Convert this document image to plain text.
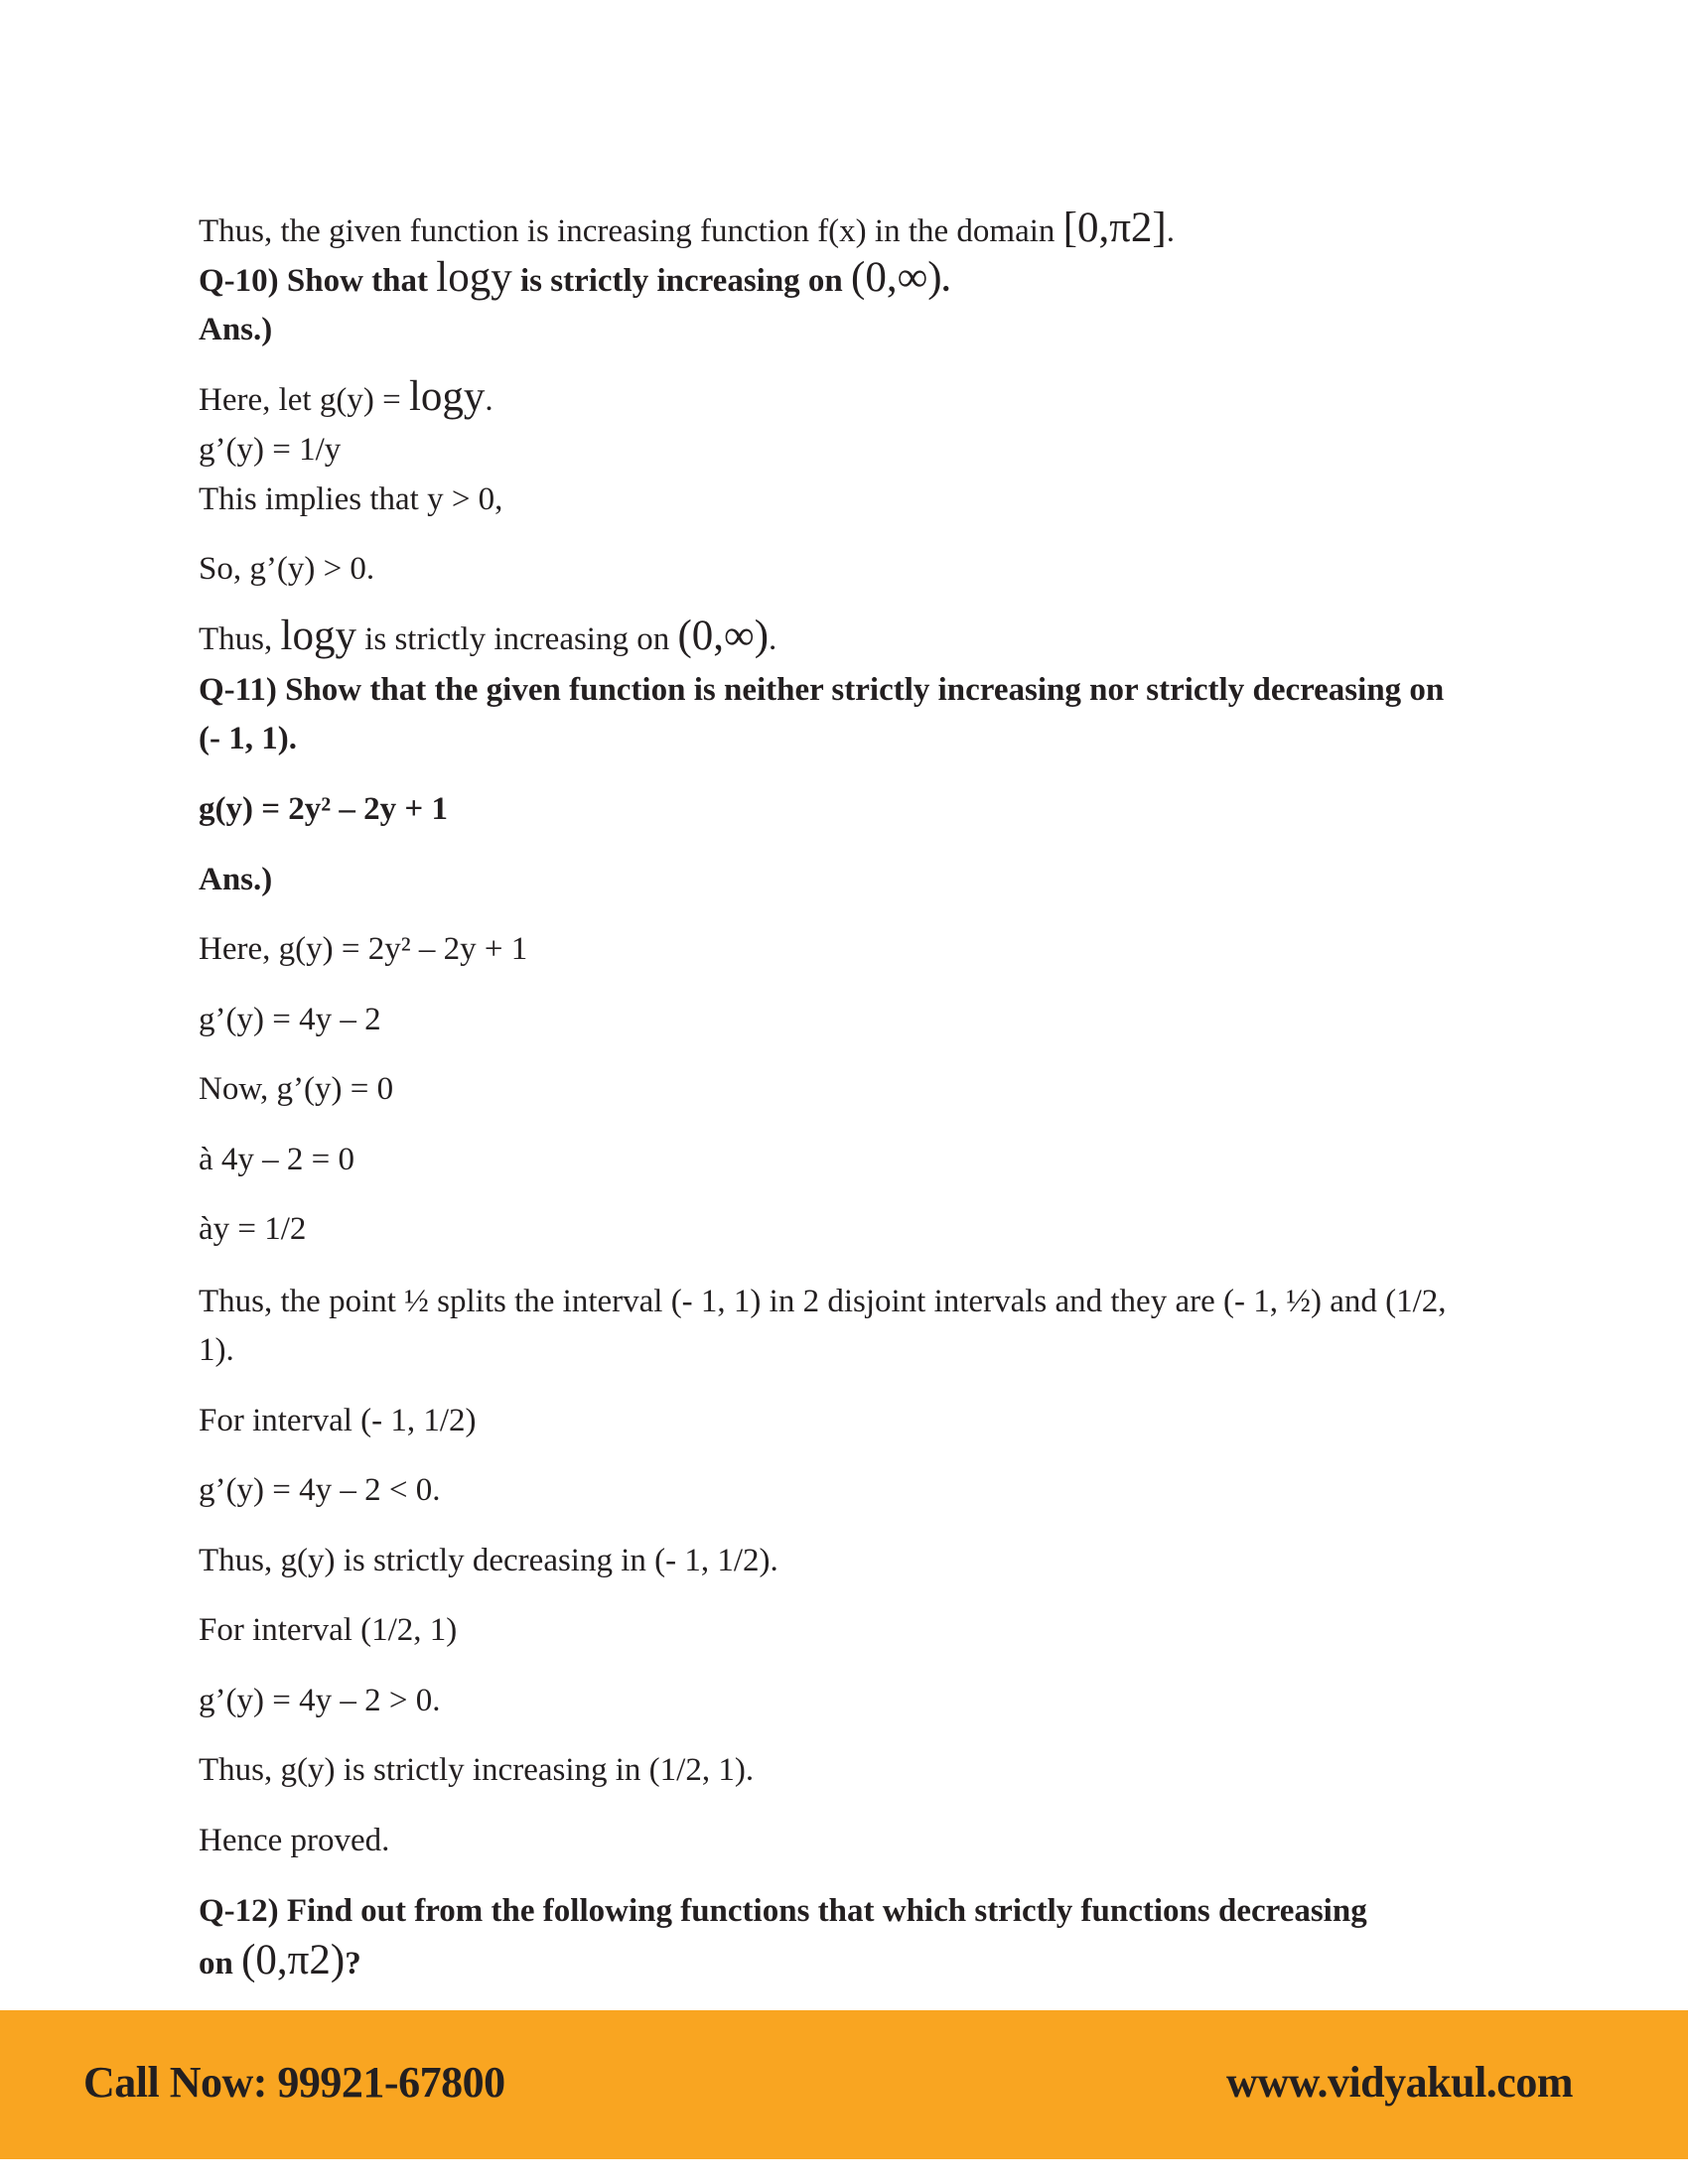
Thus, the given function is increasing function f(x) in the domain [0,π2].
Q-10) Show that logy is strictly increasing on (0,∞).
Ans.)
Here, let g(y) = logy.
g’(y) = 1/y
This implies that y > 0,
So, g’(y) > 0.
Thus, logy is strictly increasing on (0,∞).
Q-11) Show that the given function is neither strictly increasing nor strictly decreasing on
(- 1, 1).
g(y) = 2y² – 2y + 1
Ans.)
Here, g(y) = 2y² – 2y + 1
g’(y) = 4y – 2
Now, g’(y) = 0
à 4y – 2 = 0
ày = 1/2
Thus, the point ½ splits the interval (- 1, 1) in 2 disjoint intervals and they are (- 1, ½) and (1/2,
1).
For interval (- 1, 1/2)
g’(y) = 4y – 2 < 0.
Thus, g(y) is strictly decreasing in (- 1, 1/2).
For interval (1/2, 1)
g’(y) = 4y – 2 > 0.
Thus, g(y) is strictly increasing in (1/2, 1).
Hence proved.
Q-12) Find out from the following functions that which strictly functions decreasing
on (0,π2)?
Call Now: 99921-67800	www.vidyakul.com
